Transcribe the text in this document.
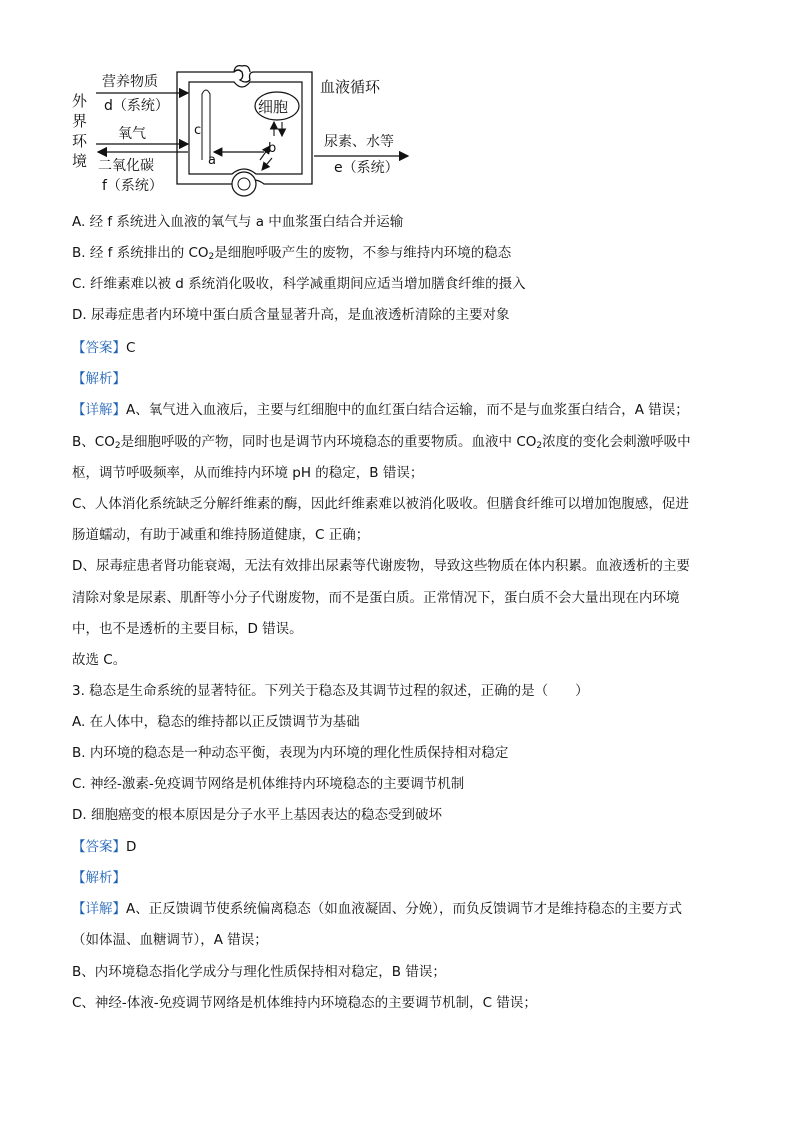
外
界
环
境
营养物质
d（系统）
氧气
二氧化碳
f（系统）
细胞
c
a
b
血液循环
尿素、水等
e（系统）
A. 经 f 系统进入血液的氧气与 a 中血浆蛋白结合并运输
B. 经 f 系统排出的 $CO_2$是细胞呼吸产生的废物，不参与维持内环境的稳态
C. 纤维素难以被 d 系统消化吸收，科学减重期间应适当增加膳食纤维的摄入
D. 尿毒症患者内环境中蛋白质含量显著升高，是血液透析清除的主要对象
【答案】C
【解析】
【详解】A、氧气进入血液后，主要与红细胞中的血红蛋白结合运输，而不是与血浆蛋白结合，A 错误；
B、$CO_2$是细胞呼吸的产物，同时也是调节内环境稳态的重要物质。血液中 $CO_2$浓度的变化会刺激呼吸中
枢，调节呼吸频率，从而维持内环境 pH 的稳定，B 错误；
C、人体消化系统缺乏分解纤维素的酶，因此纤维素难以被消化吸收。但膳食纤维可以增加饱腹感，促进
肠道蠕动，有助于减重和维持肠道健康，C 正确；
D、尿毒症患者肾功能衰竭，无法有效排出尿素等代谢废物，导致这些物质在体内积累。血液透析的主要
清除对象是尿素、肌酐等小分子代谢废物，而不是蛋白质。正常情况下，蛋白质不会大量出现在内环境
中，也不是透析的主要目标，D 错误。
故选 C。
3. 稳态是生命系统的显著特征。下列关于稳态及其调节过程的叙述，正确的是（　　）
A. 在人体中，稳态的维持都以正反馈调节为基础
B. 内环境的稳态是一种动态平衡，表现为内环境的理化性质保持相对稳定
C. 神经-激素-免疫调节网络是机体维持内环境稳态的主要调节机制
D. 细胞癌变的根本原因是分子水平上基因表达的稳态受到破坏
【答案】D
【解析】
【详解】A、正反馈调节使系统偏离稳态（如血液凝固、分娩），而负反馈调节才是维持稳态的主要方式
（如体温、血糖调节），A 错误；
B、内环境稳态指化学成分与理化性质保持相对稳定，B 错误；
C、神经-体液-免疫调节网络是机体维持内环境稳态的主要调节机制，C 错误；
